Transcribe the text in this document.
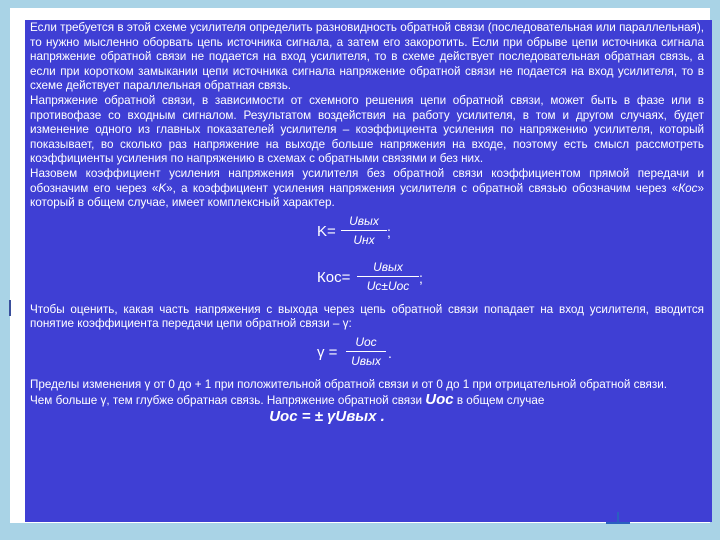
Если требуется в этой схеме усилителя определить разновидность обратной связи (последовательная или параллельная), то нужно мысленно оборвать цепь источника сигнала, а затем его закоротить. Если при обрыве цепи источника сигнала напряжение обратной связи не подается на вход усилителя, то в схеме действует последовательная обратная связь, а если при коротком замыкании цепи источника сигнала напряжение обратной связи не подается на вход усилителя, то в схеме действует параллельная обратная связь.

Напряжение обратной связи, в зависимости от схемного решения цепи обратной связи, может быть в фазе или в противофазе со входным сигналом. Результатом воздействия на работу усилителя, в том и другом случаях, будет изменение одного из главных показателей усилителя – коэффициента усиления по напряжению усилителя, который показывает, во сколько раз напряжение на выходе больше напряжения на входе, поэтому есть смысл рассмотреть коэффициенты усиления по напряжению в схемах с обратными связями и без них.

Назовем коэффициент усиления напряжения усилителя без обратной связи коэффициентом прямой передачи и обозначим его через «K», а коэффициент усиления напряжения усилителя с обратной связью обозначим через «Кос» который в общем случае, имеет комплексный характер.

K=
Uвых
Uнх ;
Кос=
Uвых
Uс±Uос ;

Чтобы оценить, какая часть напряжения с выхода через цепь обратной связи попадает на вход усилителя, вводится понятие коэффициента передачи цепи обратной связи – γ:

γ =
Uос
Uвых .

Пределы изменения γ от 0 до + 1 при положительной обратной связи и от 0 до 1 при отрицательной обратной связи.

Чем больше γ, тем глубже обратная связь. Напряжение обратной связи Uoc в общем случае

Uос = ± γUвых .
